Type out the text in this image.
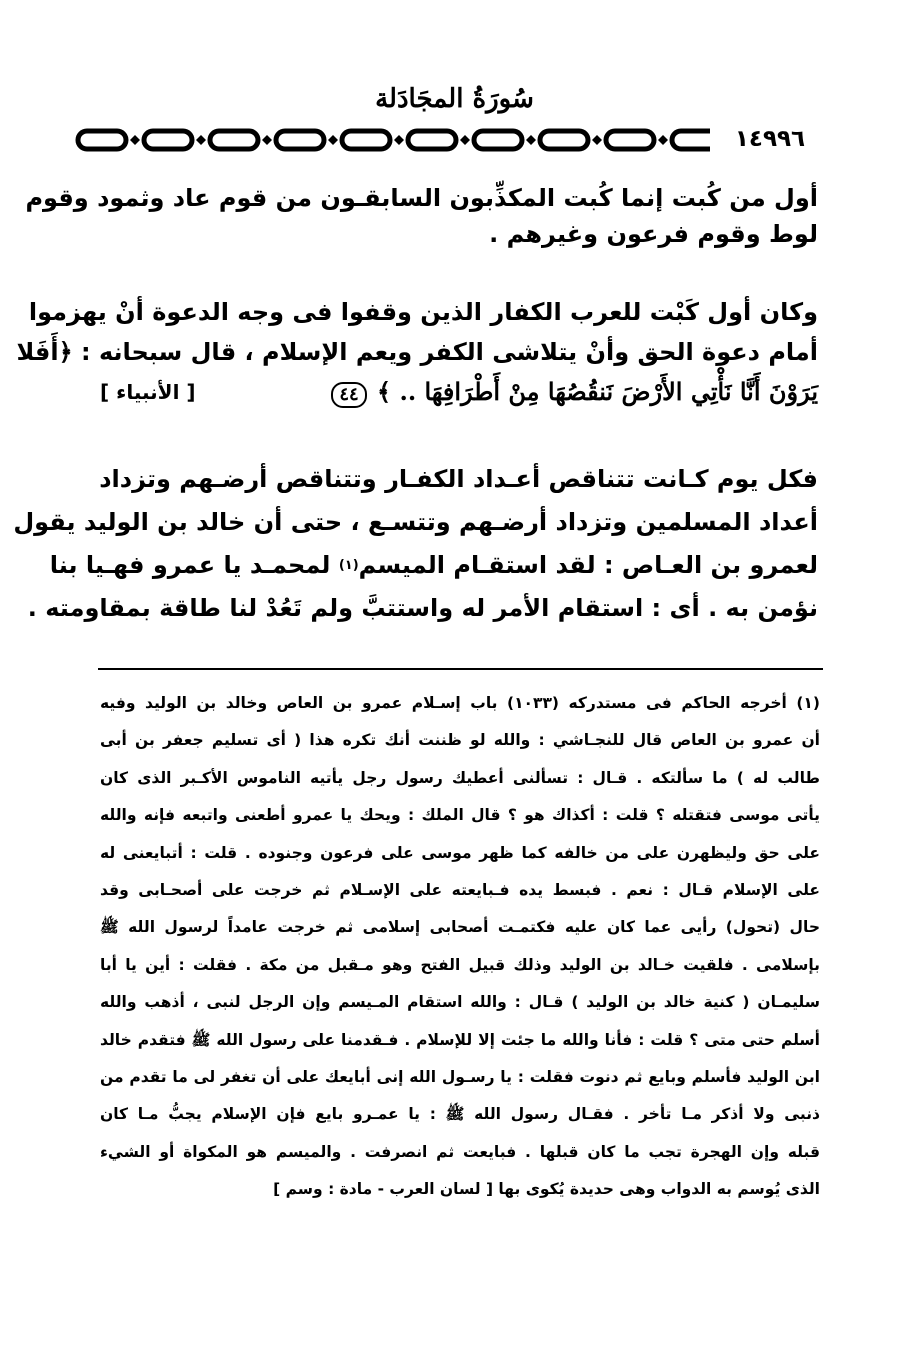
سُورَةُ المجَادَلة
١٤٩٩٦
أول من كُبت إنما كُبت المكذِّبون السابقـون من قوم عاد وثمود وقوم
لوط وقوم فرعون وغيرهم .
وكان أول كَبْت للعرب الكفار الذين وقفوا فى وجه الدعوة أنْ يهزموا
أمام دعوة الحق وأنْ يتلاشى الكفر ويعم الإسلام ، قال سبحانه : ﴿أَفَلا
يَرَوْنَ أَنَّا نَأْتِي الأَرْضَ نَنقُصُهَا مِنْ أَطْرَافِهَا .. ﴾ ٤٤
[ الأنبياء ]
فكل يوم كـانت تتناقص أعـداد الكفـار وتتناقص أرضـهم وتزداد
أعداد المسلمين وتزداد أرضـهم وتتسـع ، حتى أن خالد بن الوليد يقول
لعمرو بن العـاص : لقد استقـام الميسم$^{(١)}$ لمحمـد يا عمرو فهـيا بنا
نؤمن به . أى : استقام الأمر له واستتبَّ ولم تَعُدْ لنا طاقة بمقاومته .
(١) أخرجه الحاكم فى مستدركه (١٠٣٣) باب إسـلام عمرو بن العاص وخالد بن الوليد وفيه
أن عمرو بن العاص قال للنجـاشي : والله لو ظننت أنك تكره هذا ( أى تسليم جعفر بن أبى
طالب له ) ما سألتكه . قـال : تسألنى أعطيك رسول رجل يأتيه الناموس الأكـبر الذى كان
يأتى موسى فتقتله ؟ قلت : أكذاك هو ؟ قال الملك : ويحك يا عمرو أطعنى واتبعه فإنه والله
على حق وليظهرن على من خالفه كما ظهر موسى على فرعون وجنوده . قلت : أتبايعنى له
على الإسلام قـال : نعم . فبسط يده فـبايعته على الإسـلام ثم خرجت على أصحـابى وقد
حال (تحول) رأيى عما كان عليه فكتمـت أصحابى إسلامى ثم خرجت عامداً لرسول الله ﷺ
بإسلامى . فلقيت خـالد بن الوليد وذلك قبيل الفتح وهو مـقبل من مكة . فقلت : أين يا أبا
سليمـان ( كنية خالد بن الوليد ) قـال : والله استقام المـيسم وإن الرجل لنبى ، أذهب والله
أسلم حتى متى ؟ قلت : فأنا والله ما جئت إلا للإسلام . فـقدمنا على رسول الله ﷺ فتقدم خالد
ابن الوليد فأسلم وبايع ثم دنوت فقلت : يا رسـول الله إنى أبايعك على أن تغفر لى ما تقدم من
ذنبى ولا أذكر مـا تأخر . فقـال رسول الله ﷺ : يا عمـرو بايع فإن الإسلام يجبُّ مـا كان
قبله وإن الهجرة تجب ما كان قبلها . فبايعت ثم انصرفت . والميسم هو المكواة أو الشيء
الذى يُوسم به الدواب وهى حديدة يُكوى بها [ لسان العرب - مادة : وسم ]
